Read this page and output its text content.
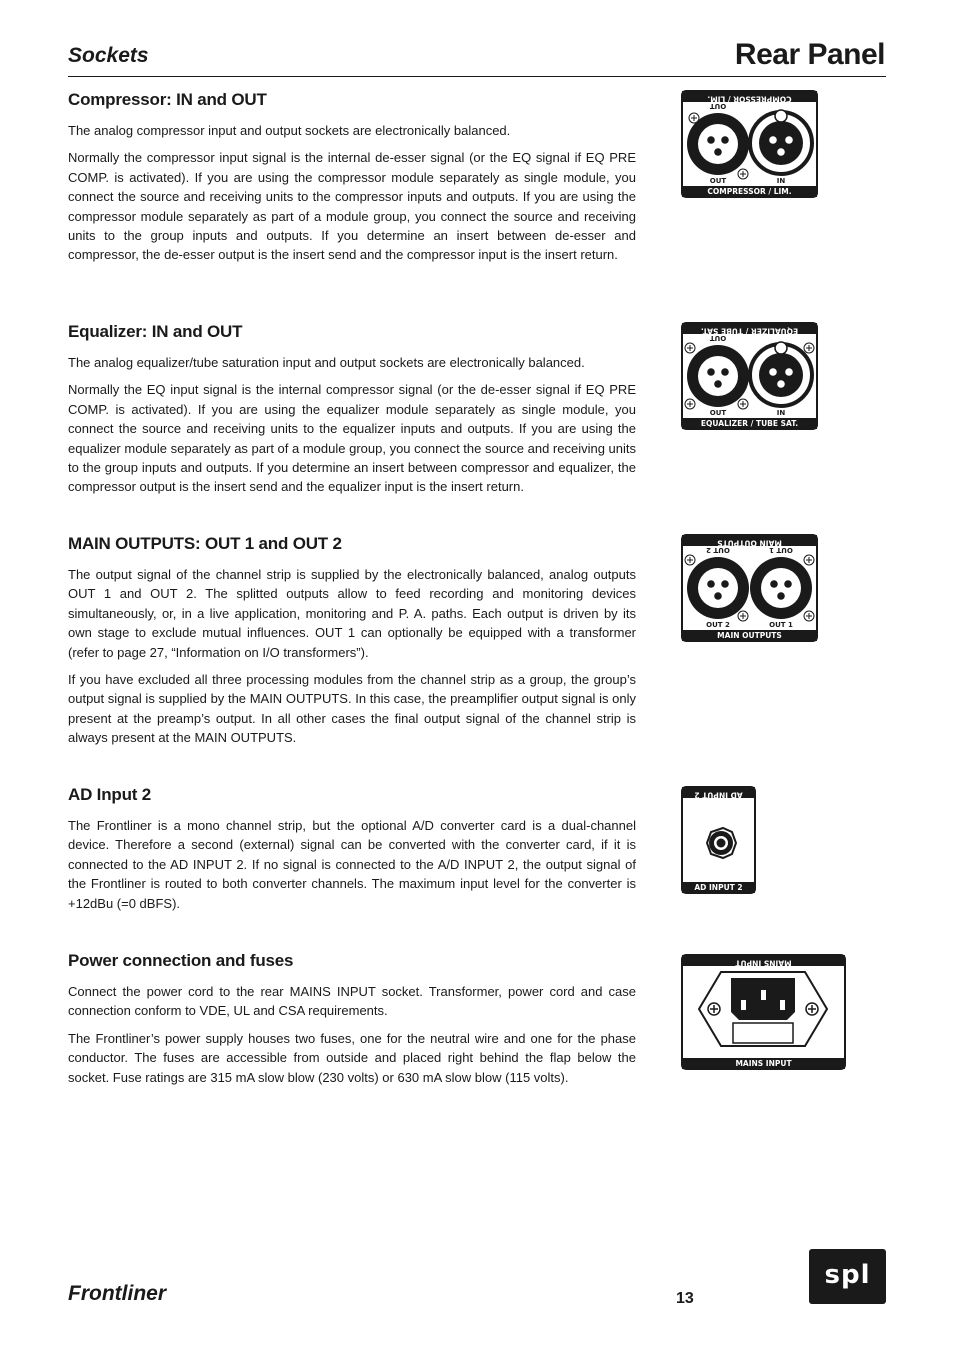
Sockets	Rear Panel
Compressor: IN and OUT

The analog compressor input and output sockets are electronically balanced.

Normally the compressor input signal is the internal de-esser signal (or the EQ signal if EQ PRE COMP. is activated). If you are using the compressor module separately as single module, you connect the source and receiving units to the compressor inputs and outputs. If you are using the compressor module separately as part of a module group, you connect the source and receiving units to the group inputs and outputs. If you determine an insert between de-esser and compressor, the de-esser output is the insert send and the compressor input is the insert return.

Equalizer: IN and OUT

The analog equalizer/tube saturation input and output sockets are electronically balanced.

Normally the EQ input signal is the internal compressor signal (or the de-esser signal if EQ PRE COMP. is activated). If you are using the equalizer module separately as single module, you connect the source and receiving units to the equalizer inputs and outputs. If you are using the equalizer module separately as part of a module group, you connect the source and receiving units to the group inputs and outputs. If you determine an insert between compressor and equalizer, the compressor output is the insert send and the equalizer input is the insert return.

MAIN OUTPUTS: OUT 1 and OUT 2

The output signal of the channel strip is supplied by the electronically balanced, analog outputs OUT 1 and OUT 2. The splitted outputs allow to feed recording and monitoring devices simultaneously, or, in a live application, monitoring and P. A. paths. Each output is driven by its own stage to exclude mutual influences. OUT 1 can optionally be equipped with a transformer (refer to page 27, “Information on I/O transformers”).

If you have excluded all three processing modules from the channel strip as a group, the group’s output signal is supplied by the MAIN OUTPUTS. In this case, the preamplifier output signal is only present at the preamp’s output. In all other cases the final output signal of the channel strip is always present at the MAIN OUTPUTS.

AD Input 2

The Frontliner is a mono channel strip, but the optional A/D converter card is a dual-channel device. Therefore a second (external) signal can be converted with the converter card, if it is connected to the AD INPUT 2. If no signal is connected to the A/D INPUT 2, the output signal of the Frontliner is routed to both converter channels. The maximum input level for the converter is +12dBu (=0 dBFS).

Power connection and fuses

Connect the power cord to the rear MAINS INPUT socket. Transformer, power cord and case connection conform to VDE, UL and CSA requirements.

The Frontliner’s power supply houses two fuses, one for the neutral wire and one for the phase conductor. The fuses are accessible from outside and placed right behind the flap below the socket. Fuse ratings are 315 mA slow blow (230 volts) or 630 mA slow blow (115 volts).

COMPRESSOR / LIM.
OUT
OUT	IN
COMPRESSOR / LIM.
EQUALIZER / TUBE SAT.
OUT
OUT	IN
EQUALIZER / TUBE SAT.
MAIN OUTPUTS
OUT 2	OUT 1
OUT 2	OUT 1
MAIN OUTPUTS
AD INPUT 2
AD INPUT 2
MAINS INPUT
MAINS INPUT
Frontliner	13
spl
